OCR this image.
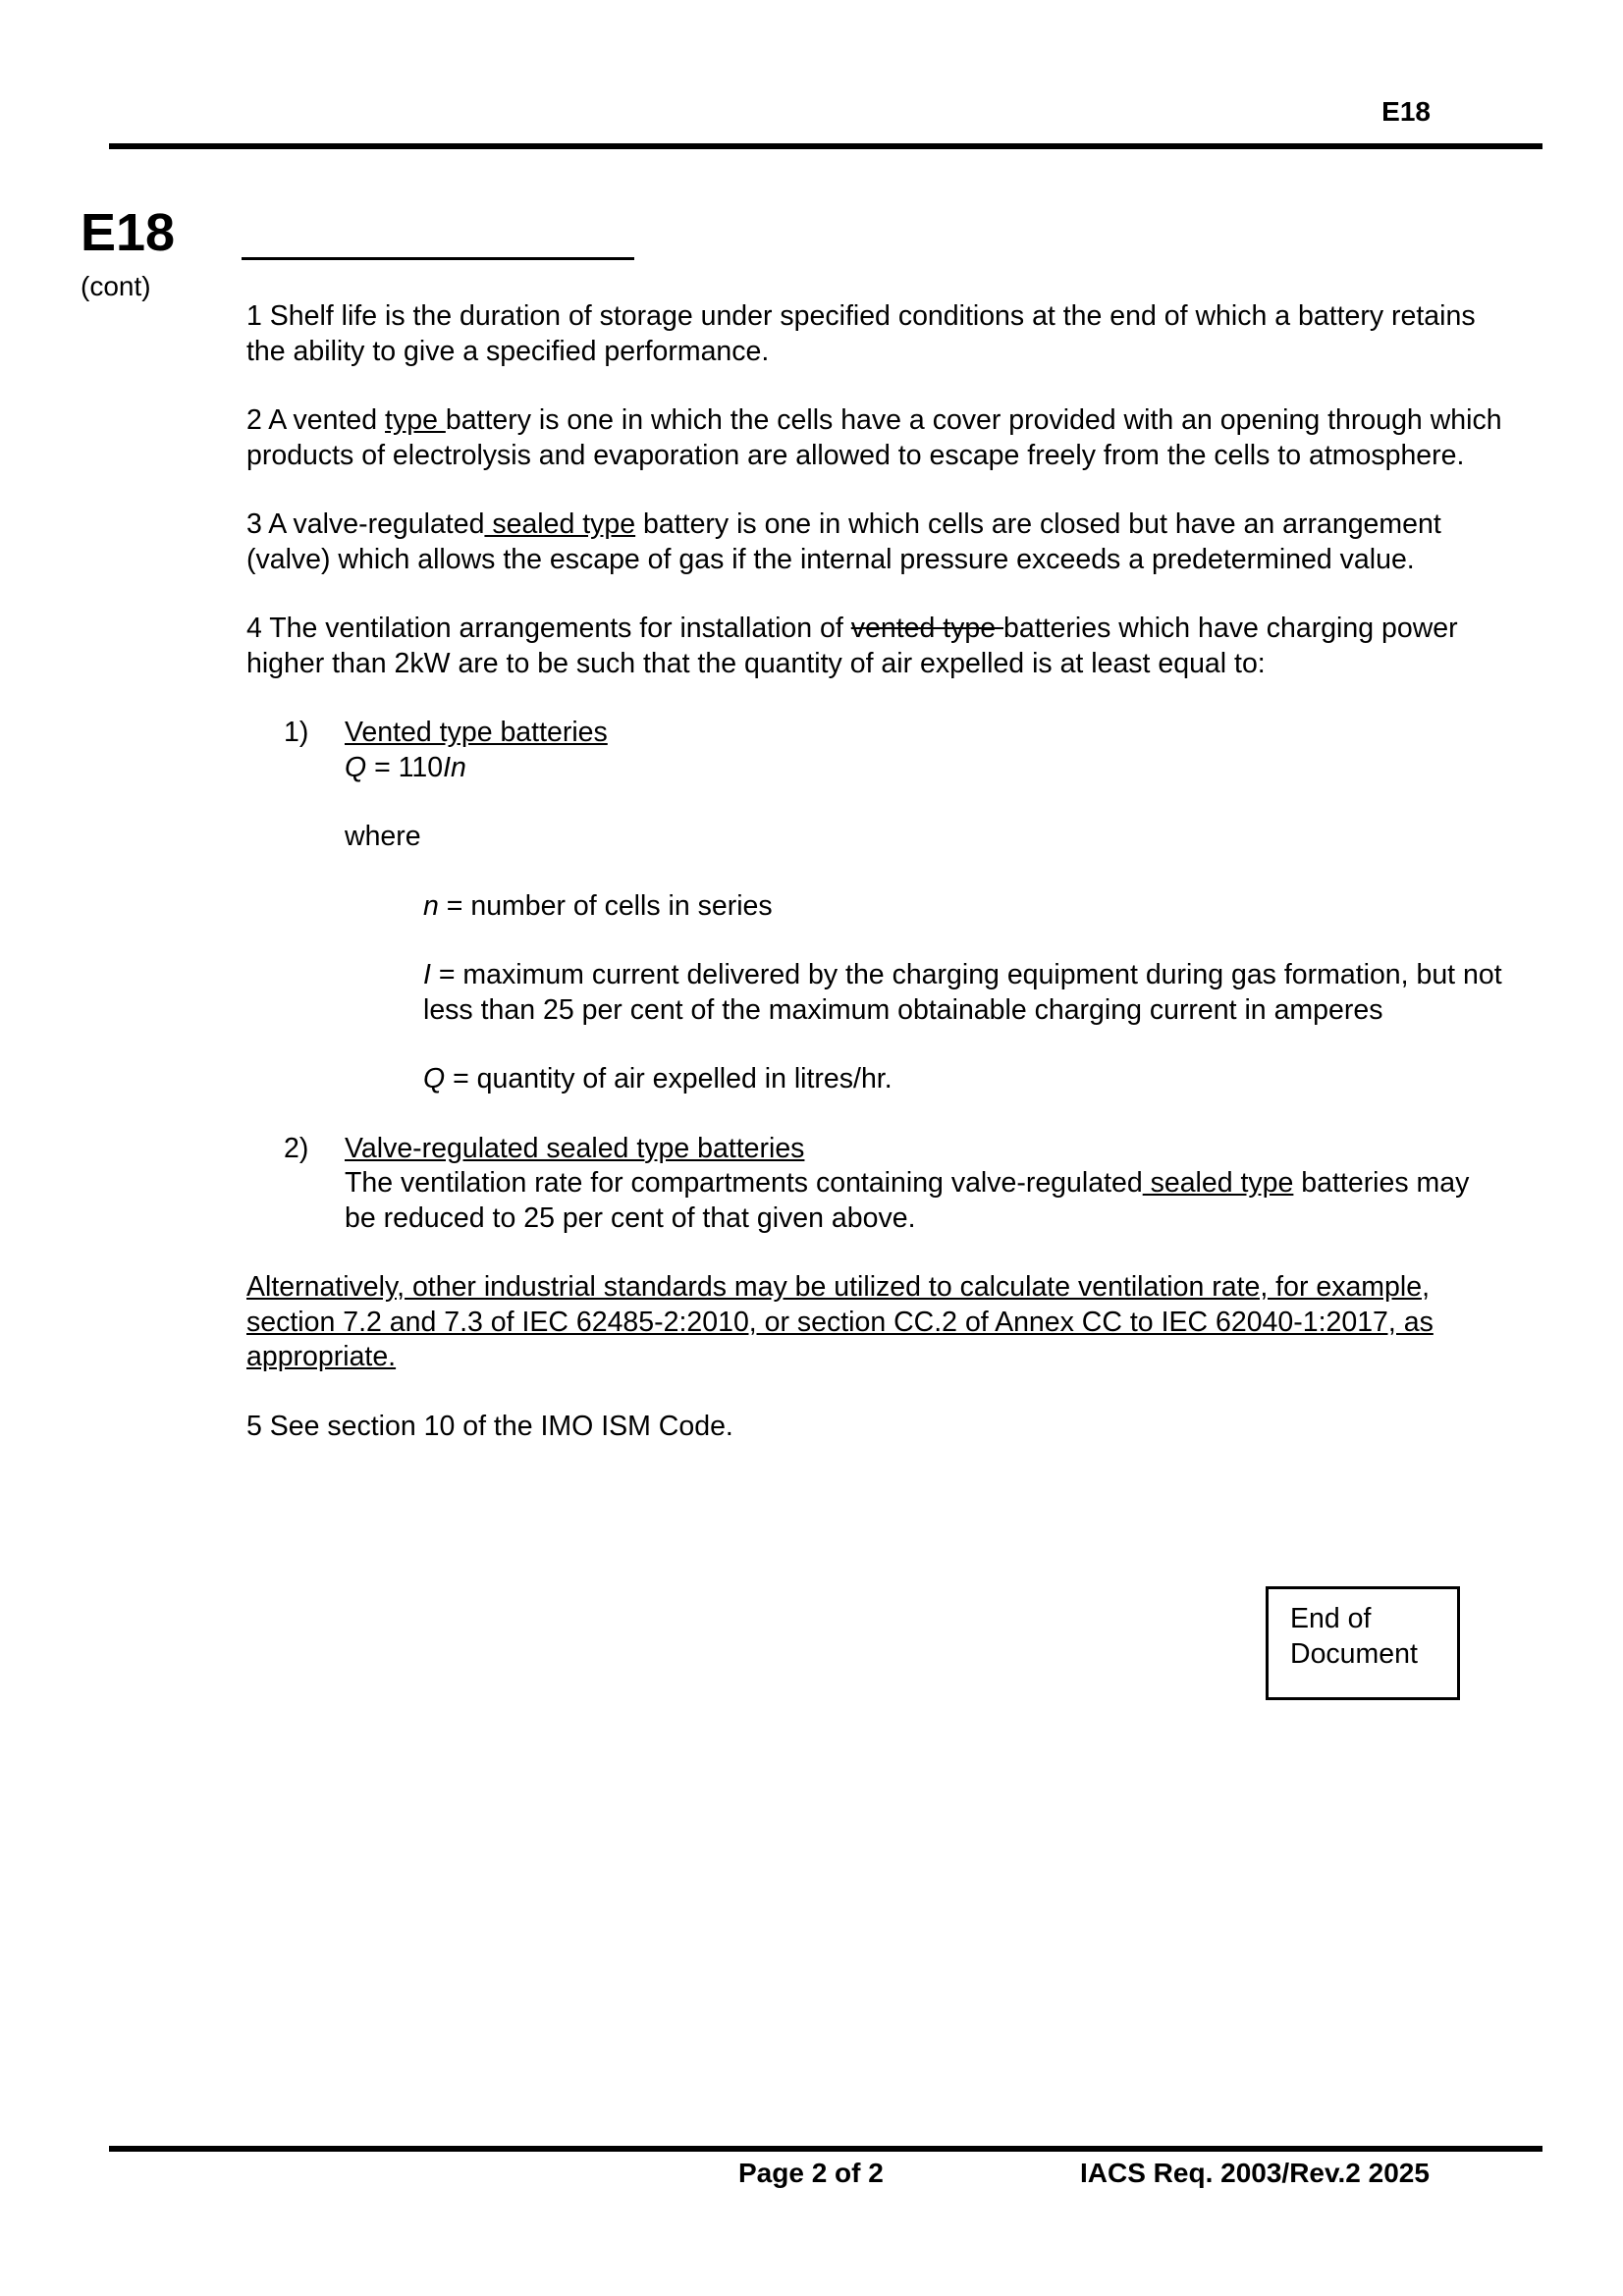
E18
E18
(cont)

1 Shelf life is the duration of storage under specified conditions at the end of which a battery retains the ability to give a specified performance.

2 A vented type battery is one in which the cells have a cover provided with an opening through which products of electrolysis and evaporation are allowed to escape freely from the cells to atmosphere.

3 A valve-regulated sealed type battery is one in which cells are closed but have an arrangement (valve) which allows the escape of gas if the internal pressure exceeds a predetermined value.

4 The ventilation arrangements for installation of vented type batteries which have charging power higher than 2kW are to be such that the quantity of air expelled is at least equal to:

1) Vented type batteries
Q = 110In
where
n = number of cells in series
I = maximum current delivered by the charging equipment during gas formation, but not less than 25 per cent of the maximum obtainable charging current in amperes
Q = quantity of air expelled in litres/hr.
2) Valve-regulated sealed type batteries
The ventilation rate for compartments containing valve-regulated sealed type batteries may be reduced to 25 per cent of that given above.

Alternatively, other industrial standards may be utilized to calculate ventilation rate, for example, section 7.2 and 7.3 of IEC 62485-2:2010, or section CC.2 of Annex CC to IEC 62040-1:2017, as appropriate.

5 See section 10 of the IMO ISM Code.

End of
Document
Page 2 of 2	IACS Req. 2003/Rev.2 2025
